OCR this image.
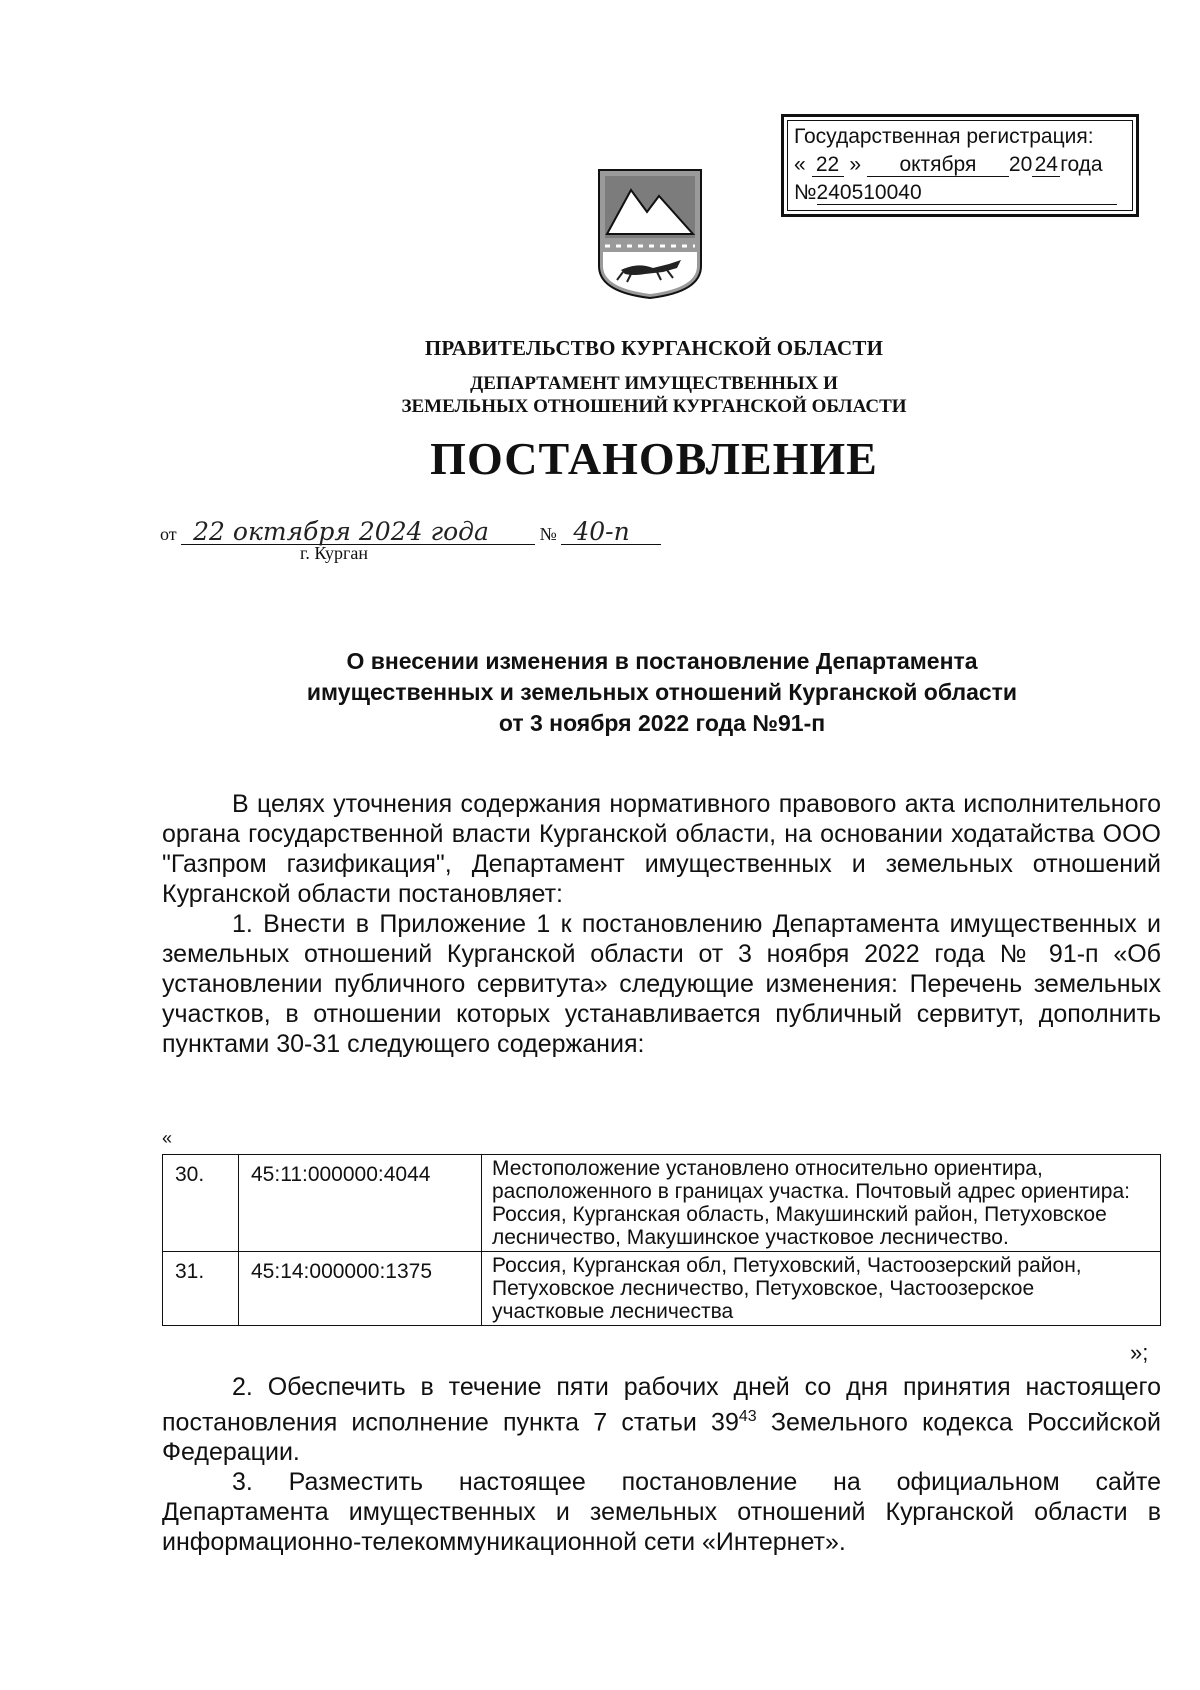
Государственная регистрация:
« 22 » октября 20 24 года
№240510040
ПРАВИТЕЛЬСТВО КУРГАНСКОЙ ОБЛАСТИ
ДЕПАРТАМЕНТ ИМУЩЕСТВЕННЫХ И
ЗЕМЕЛЬНЫХ ОТНОШЕНИЙ КУРГАНСКОЙ ОБЛАСТИ
ПОСТАНОВЛЕНИЕ
от 22 октября 2024 года	№ 40-п
г. Курган
О внесении изменения в постановление Департамента
имущественных и земельных отношений Курганской области
от 3 ноября 2022 года №91-п

В целях уточнения содержания нормативного правового акта исполнительного органа государственной власти Курганской области, на основании ходатайства ООО "Газпром газификация", Департамент имущественных и земельных отношений Курганской области постановляет:

1. Внести в Приложение 1 к постановлению Департамента имущественных и земельных отношений Курганской области от 3 ноября 2022 года № 91-п «Об установлении публичного сервитута» следующие изменения: Перечень земельных участков, в отношении которых устанавливается публичный сервитут, дополнить пунктами 30-31 следующего содержания:

«
30.	45:11:000000:4044	Местоположение установлено относительно ориентира, расположенного в границах участка. Почтовый адрес ориентира: Россия, Курганская область, Макушинский район, Петуховское лесничество, Макушинское участковое лесничество.
31.	45:14:000000:1375	Россия, Курганская обл, Петуховский, Частоозерский район, Петуховское лесничество, Петуховское, Частоозерское участковые лесничества
»;

2. Обеспечить в течение пяти рабочих дней со дня принятия настоящего постановления исполнение пункта 7 статьи $39^{43}$ Земельного кодекса Российской Федерации.

3. Разместить настоящее постановление на официальном сайте Департамента имущественных и земельных отношений Курганской области в информационно-телекоммуникационной сети «Интернет».
